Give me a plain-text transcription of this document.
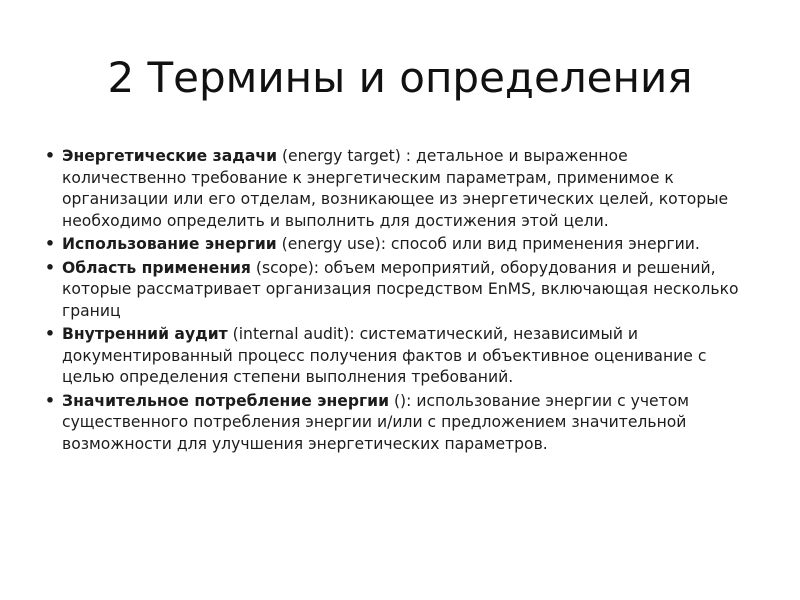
2 Термины и определения
• Энергетические задачи (energy target) : детальное и выраженное количественно требование к энергетическим параметрам, применимое к организации или его отделам, возникающее из энергетических целей, которые необходимо определить и выполнить для достижения этой цели.
• Использование энергии (energy use): способ или вид применения энергии.
• Область применения (scope): объем мероприятий, оборудования и решений, которые рассматривает организация посредством EnMS, включающая несколько границ
• Внутренний аудит (internal audit): систематический, независимый и документированный процесс получения фактов и объективное оценивание с целью определения степени выполнения требований.
• Значительное потребление энергии (): использование энергии с учетом существенного потребления энергии и/или с предложением значительной возможности для улучшения энергетических параметров.
